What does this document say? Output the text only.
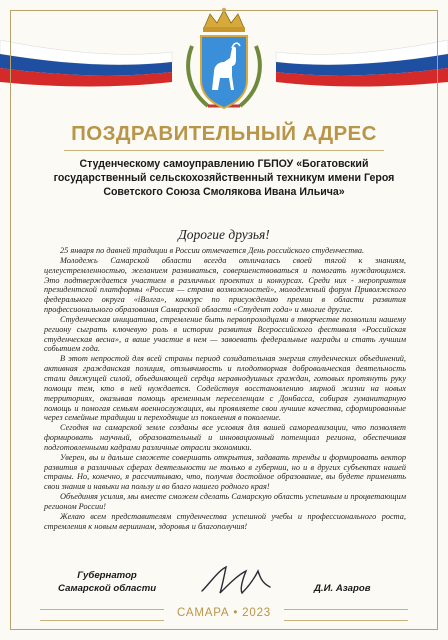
ПОЗДРАВИТЕЛЬНЫЙ АДРЕС
Студенческому самоуправлению ГБПОУ «Богатовский государственный сельскохозяйственный техникум имени Героя Советского Союза Смолякова Ивана Ильича»
Дорогие друзья!

25 января по давней традиции в России отмечается День российского студенчества.

Молодежь Самарской области всегда отличалась своей тягой к знаниям, целеустремленностью, желанием развиваться, совершенствоваться и помогать нуждающимся. Это подтверждается участием в различных проектах и конкурсах. Среди них - мероприятия президентской платформы «Россия — страна возможностей», молодежный форум Приволжского федерального округа «iВолга», конкурс по присуждению премии в области развития профессионального образования Самарской области «Студент года» и многие другие.

Студенческая инициатива, стремление быть первопроходцами в творчестве позволили нашему региону сыграть ключевую роль в истории развития Всероссийского фестиваля «Российская студенческая весна», а ваше участие в нем — завоевать федеральные награды и стать лучшим событием года.

В этот непростой для всей страны период созидательная энергия студенческих объединений, активная гражданская позиция, отзывчивость и плодотворная добровольческая деятельность стали движущей силой, объединяющей сердца неравнодушных граждан, готовых протянуть руку помощи тем, кто в ней нуждается. Содействуя восстановлению мирной жизни на новых территориях, оказывая помощь временным переселенцам с Донбасса, собирая гуманитарную помощь и помогая семьям военнослужащих, вы проявляете свои лучшие качества, сформированные через семейные традиции и переходящие из поколения в поколение.

Сегодня на самарской земле созданы все условия для вашей самореализации, что позволяет формировать научный, образовательный и инновационный потенциал региона, обеспечивая подготовленными кадрами различные отрасли экономики.

Уверен, вы и дальше сможете совершать открытия, задавать тренды и формировать вектор развития в различных сферах деятельности не только в губернии, но и в других субъектах нашей страны. Но, конечно, я рассчитываю, что, получив достойное образование, вы будете применять свои знания и навыки на пользу и во благо нашего родного края!

Объединяя усилия, мы вместе сможем сделать Самарскую область успешным и процветающим регионом России!

Желаю всем представителям студенчества успешной учебы и профессионального роста, стремления к новым вершинам, здоровья и благополучия!

Губернатор
Самарской области	Д.И. Азаров
САМАРА • 2023
